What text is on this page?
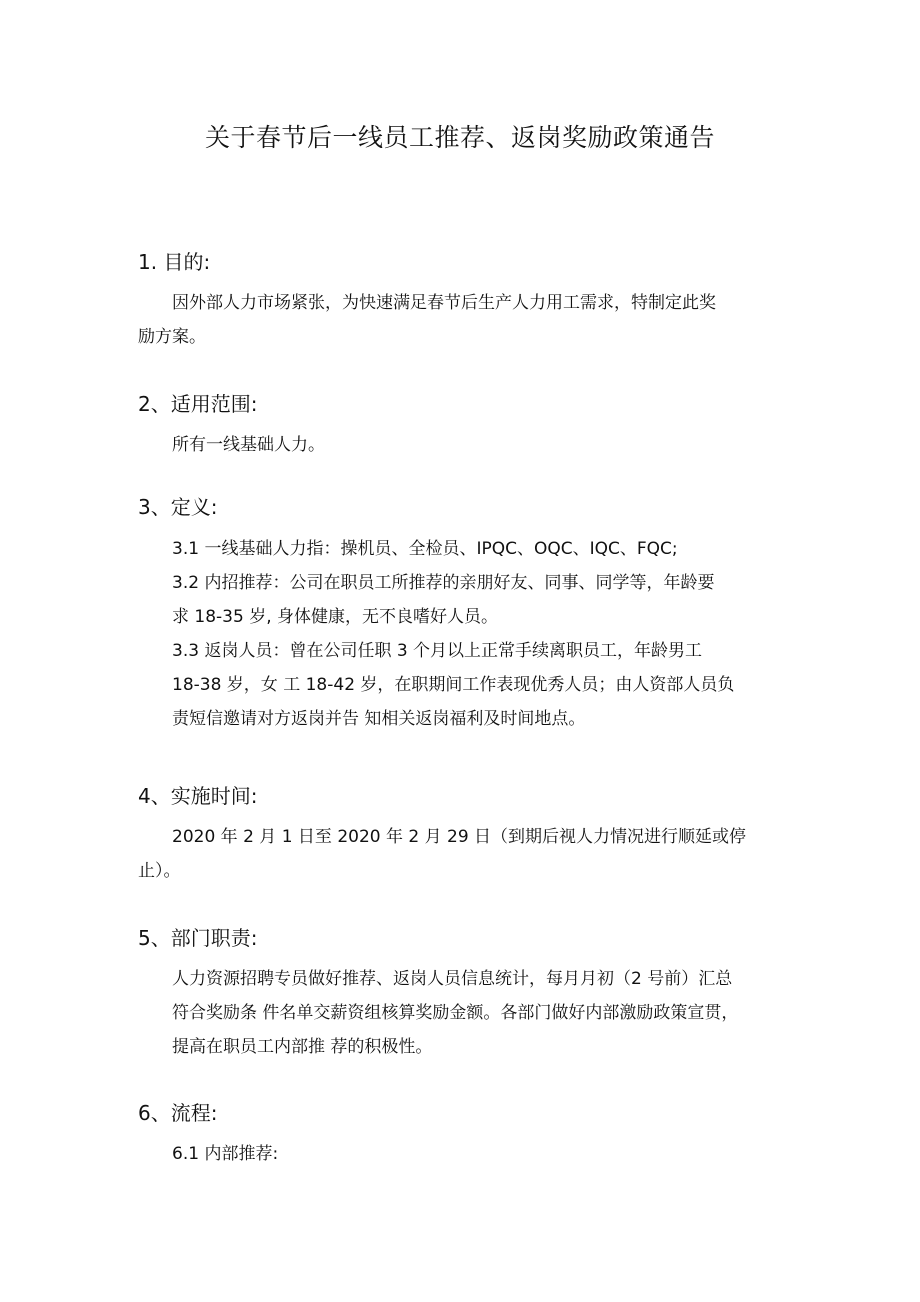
关于春节后一线员工推荐、返岗奖励政策通告
1. 目的:

因外部人力市场紧张，为快速满足春节后生产人力用工需求，特制定此奖

励方案。

2、适用范围:

所有一线基础人力。

3、定义:

3.1 一线基础人力指：操机员、全检员、IPQC、OQC、IQC、FQC;

3.2 内招推荐：公司在职员工所推荐的亲朋好友、同事、同学等，年龄要

求 18-35 岁, 身体健康，无不良嗜好人员。

3.3 返岗人员：曾在公司任职 3 个月以上正常手续离职员工，年龄男工

18-38 岁，女 工 18-42 岁，在职期间工作表现优秀人员；由人资部人员负

责短信邀请对方返岗并告 知相关返岗福利及时间地点。

4、实施时间:

2020 年 2 月 1 日至 2020 年 2 月 29 日（到期后视人力情况进行顺延或停

止）。

5、部门职责:

人力资源招聘专员做好推荐、返岗人员信息统计，每月月初（2 号前）汇总

符合奖励条 件名单交薪资组核算奖励金额。各部门做好内部激励政策宣贯，

提高在职员工内部推 荐的积极性。

6、流程:

6.1 内部推荐:
